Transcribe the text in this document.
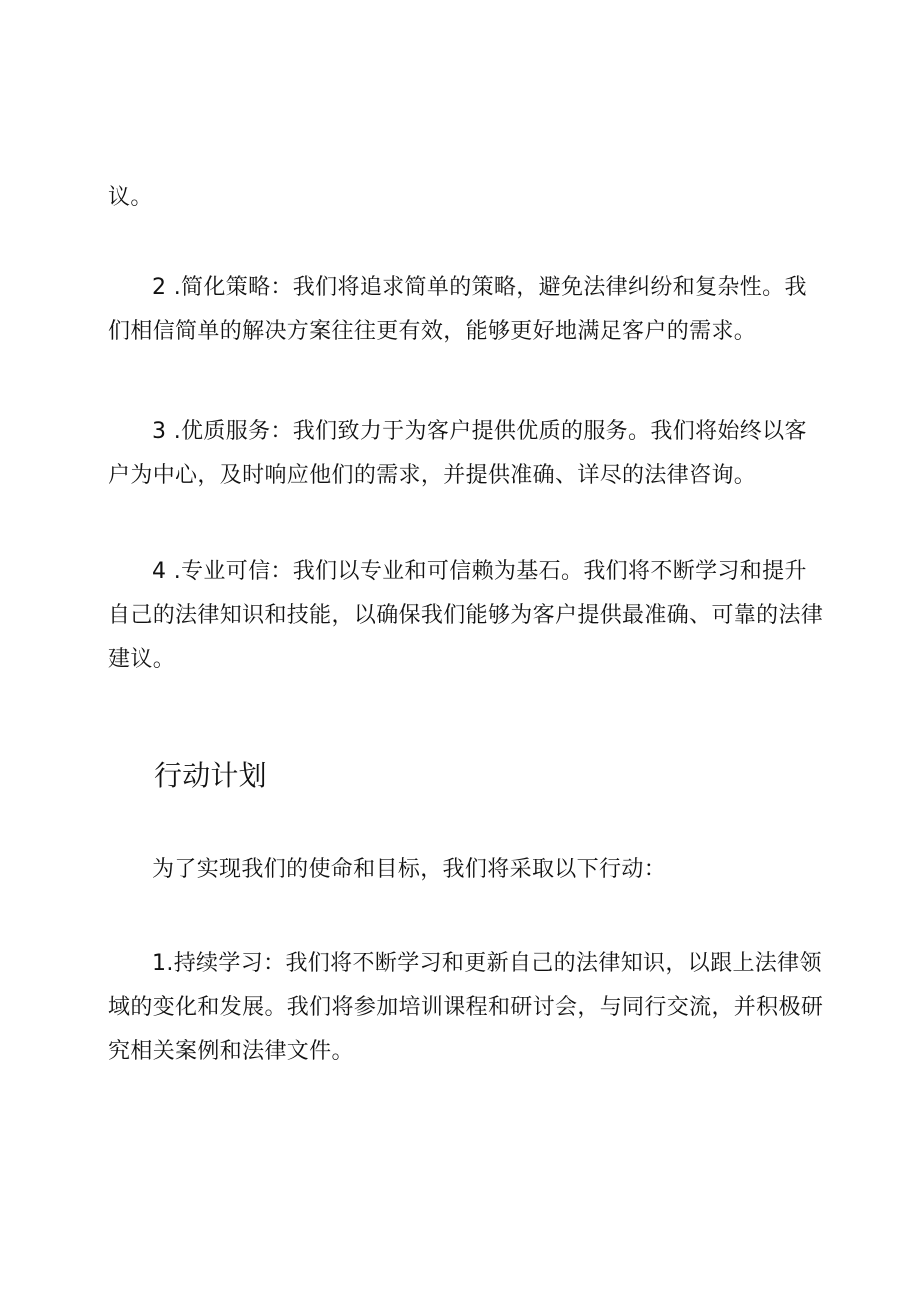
议。

2 .简化策略：我们将追求简单的策略，避免法律纠纷和复杂性。我们相信简单的解决方案往往更有效，能够更好地满足客户的需求。

3 .优质服务：我们致力于为客户提供优质的服务。我们将始终以客户为中心，及时响应他们的需求，并提供准确、详尽的法律咨询。

4 .专业可信：我们以专业和可信赖为基石。我们将不断学习和提升自己的法律知识和技能，以确保我们能够为客户提供最准确、可靠的法律建议。

行动计划

为了实现我们的使命和目标，我们将采取以下行动：

1.持续学习：我们将不断学习和更新自己的法律知识，以跟上法律领域的变化和发展。我们将参加培训课程和研讨会，与同行交流，并积极研究相关案例和法律文件。
